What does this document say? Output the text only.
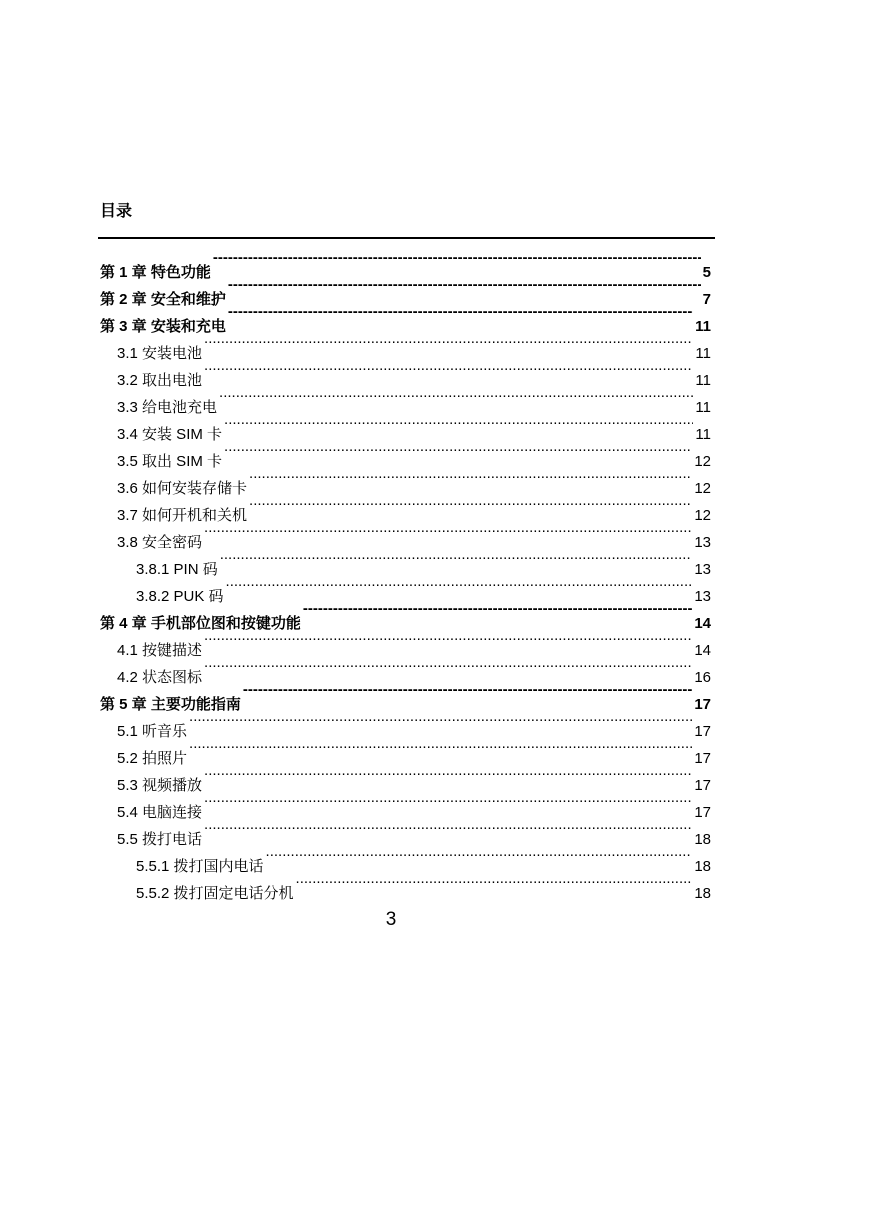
目录
第 1 章 特色功能 -----	5
第 2 章 安全和维护 -----	7
第 3 章 安装和充电 -----	11
3.1 安装电池 .....	11
3.2 取出电池 .....	11
3.3 给电池充电 .....	11
3.4 安装 SIM 卡 .....	11
3.5 取出 SIM 卡 .....	12
3.6 如何安装存储卡 .....	12
3.7 如何开机和关机 .....	12
3.8 安全密码 .....	13
3.8.1 PIN 码 .....	13
3.8.2 PUK 码 .....	13
第 4 章 手机部位图和按键功能 -----	14
4.1 按键描述 .....	14
4.2 状态图标 .....	16
第 5 章 主要功能指南 -----	17
5.1 听音乐 .....	17
5.2 拍照片 .....	17
5.3 视频播放 .....	17
5.4 电脑连接 .....	17
5.5 拨打电话 .....	18
5.5.1 拨打国内电话 .....	18
5.5.2 拨打固定电话分机 .....	18
3
